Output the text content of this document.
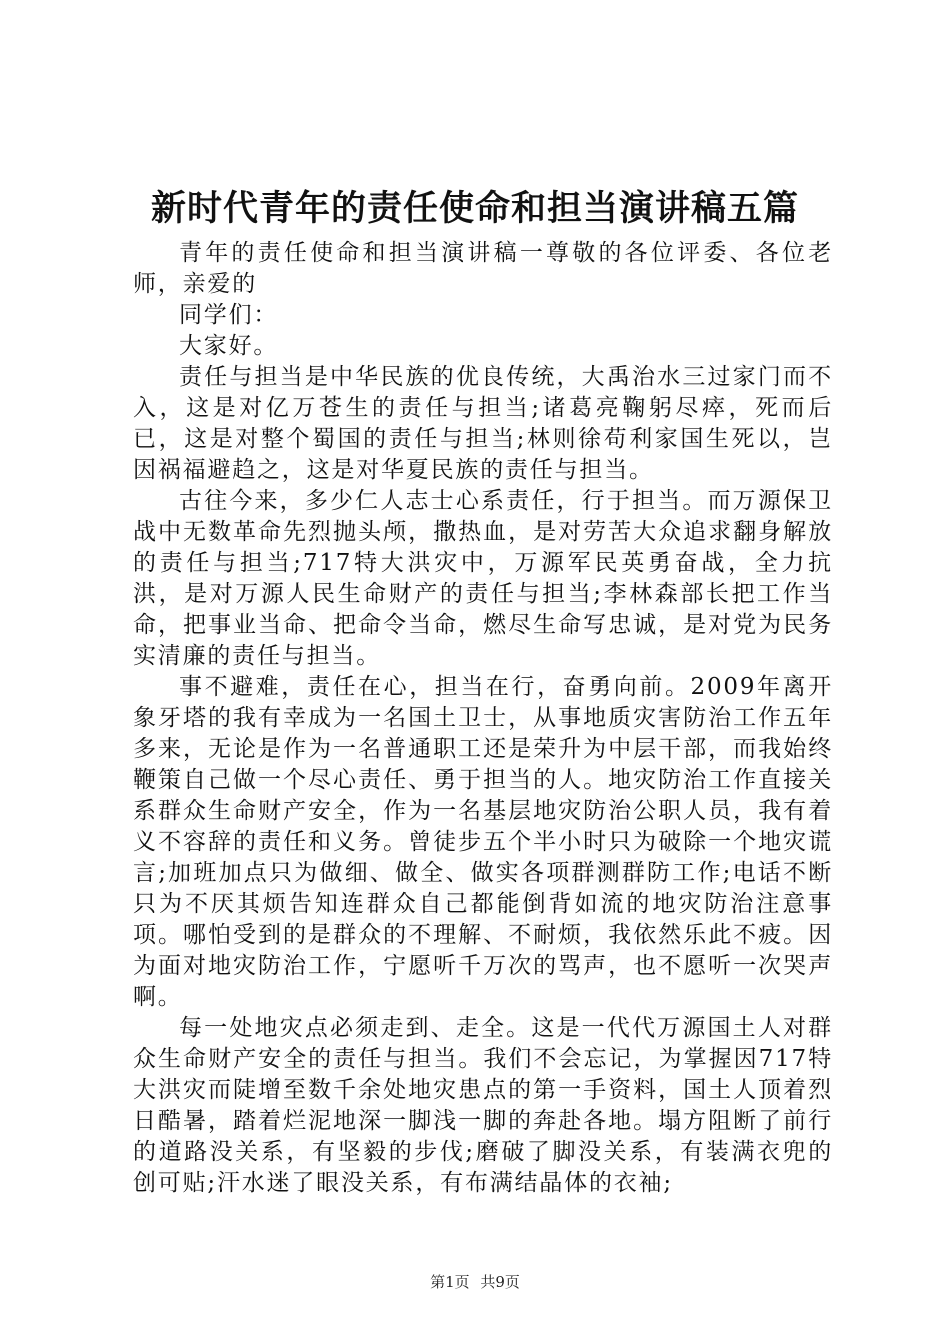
新时代青年的责任使命和担当演讲稿五篇

青年的责任使命和担当演讲稿一尊敬的各位评委、各位老师，亲爱的

同学们：

大家好。

责任与担当是中华民族的优良传统，大禹治水三过家门而不入，这是对亿万苍生的责任与担当;诸葛亮鞠躬尽瘁，死而后已，这是对整个蜀国的责任与担当;林则徐苟利家国生死以，岂因祸福避趋之，这是对华夏民族的责任与担当。

古往今来，多少仁人志士心系责任，行于担当。而万源保卫战中无数革命先烈抛头颅，撒热血，是对劳苦大众追求翻身解放的责任与担当;717特大洪灾中，万源军民英勇奋战，全力抗洪，是对万源人民生命财产的责任与担当;李林森部长把工作当命，把事业当命、把命令当命，燃尽生命写忠诚，是对党为民务实清廉的责任与担当。

事不避难，责任在心，担当在行，奋勇向前。2009年离开象牙塔的我有幸成为一名国土卫士，从事地质灾害防治工作五年多来，无论是作为一名普通职工还是荣升为中层干部，而我始终鞭策自己做一个尽心责任、勇于担当的人。地灾防治工作直接关系群众生命财产安全，作为一名基层地灾防治公职人员，我有着义不容辞的责任和义务。曾徒步五个半小时只为破除一个地灾谎言;加班加点只为做细、做全、做实各项群测群防工作;电话不断只为不厌其烦告知连群众自己都能倒背如流的地灾防治注意事项。哪怕受到的是群众的不理解、不耐烦，我依然乐此不疲。因为面对地灾防治工作，宁愿听千万次的骂声，也不愿听一次哭声啊。

每一处地灾点必须走到、走全。这是一代代万源国土人对群众生命财产安全的责任与担当。我们不会忘记，为掌握因717特大洪灾而陡增至数千余处地灾患点的第一手资料，国土人顶着烈日酷暑，踏着烂泥地深一脚浅一脚的奔赴各地。塌方阻断了前行的道路没关系，有坚毅的步伐;磨破了脚没关系，有装满衣兜的创可贴;汗水迷了眼没关系，有布满结晶体的衣袖;

第1页 共9页
